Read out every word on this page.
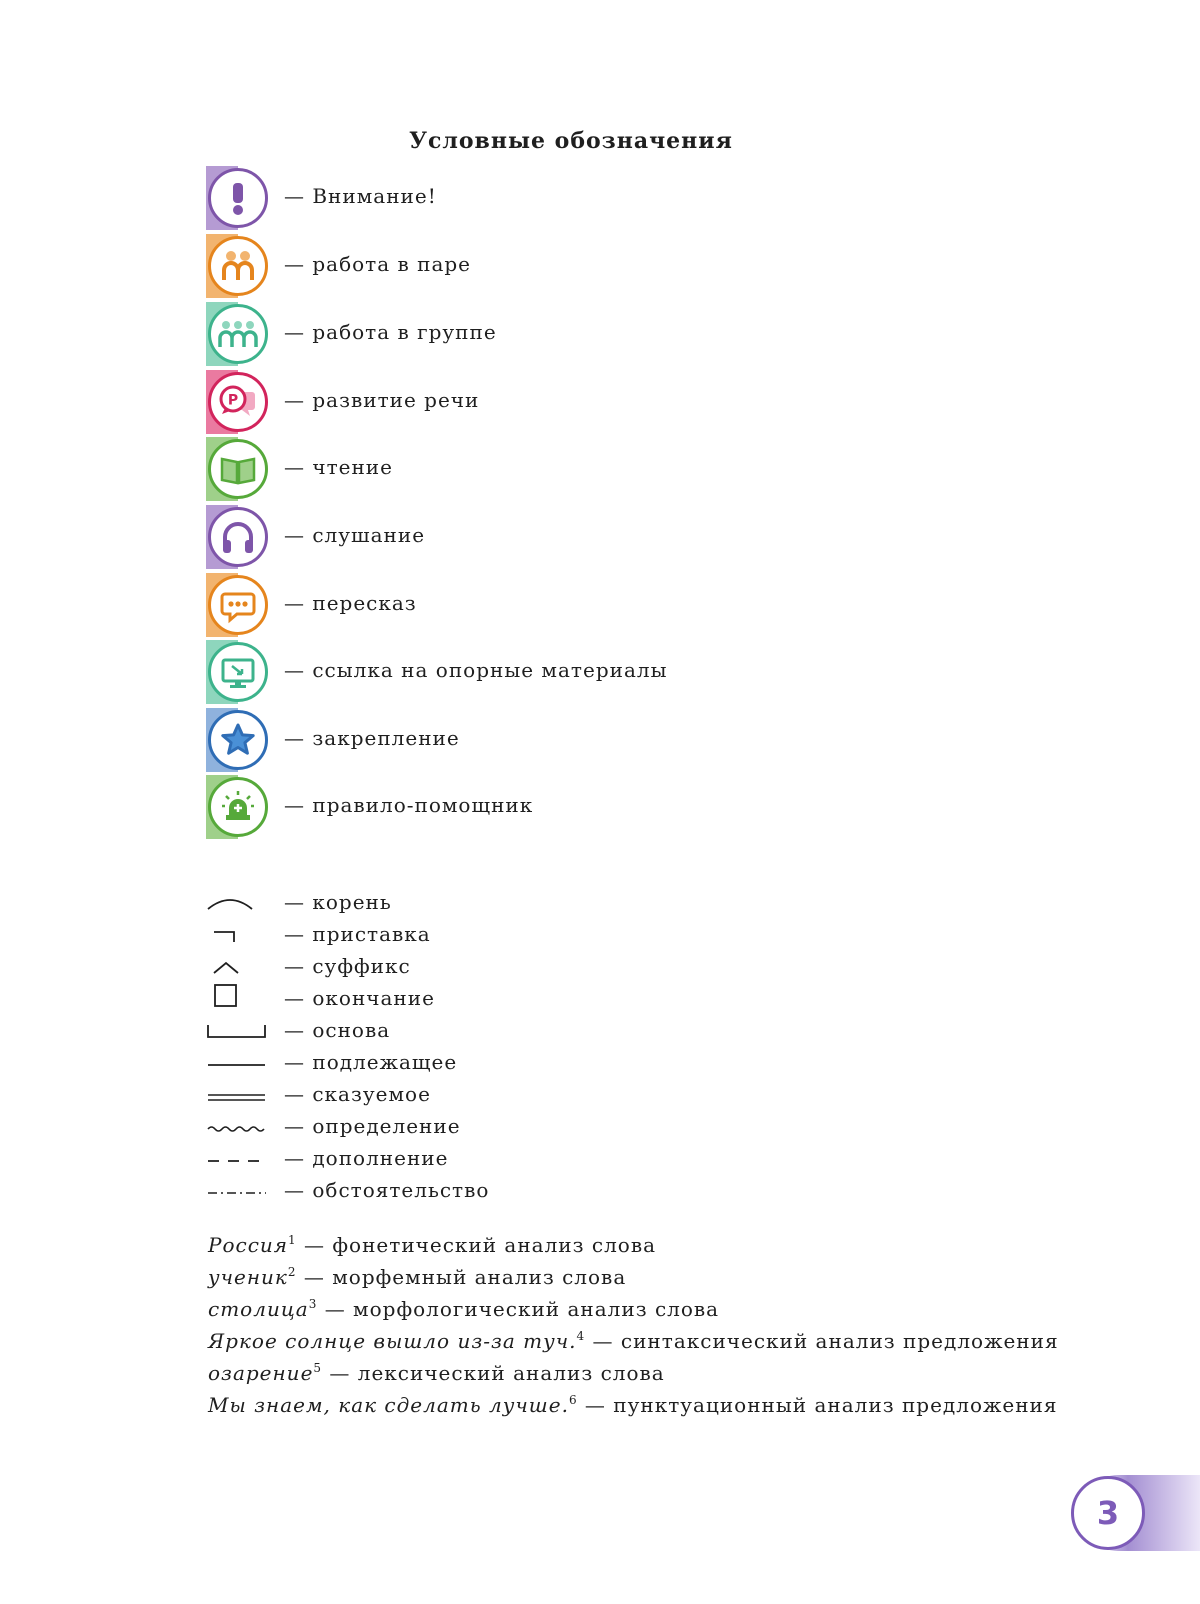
Условные обозначения
— Внимание!
— работа в паре
— работа в группе
Р — развитие речи
— чтение
— слушание
— пересказ
— ссылка на опорные материалы
— закрепление
— правило-помощник
— корень
— приставка
— суффикс
— окончание
— основа
— подлежащее
— сказуемое
— определение
— дополнение
— обстоятельство
Россия$^1$ — фонетический анализ слова
ученик$^2$ — морфемный анализ слова
столица$^3$ — морфологический анализ слова
Яркое солнце вышло из-за туч.$^4$ — синтаксический анализ предложения
озарение$^5$ — лексический анализ слова
Мы знаем, как сделать лучше.$^6$ — пунктуационный анализ предложения
3
